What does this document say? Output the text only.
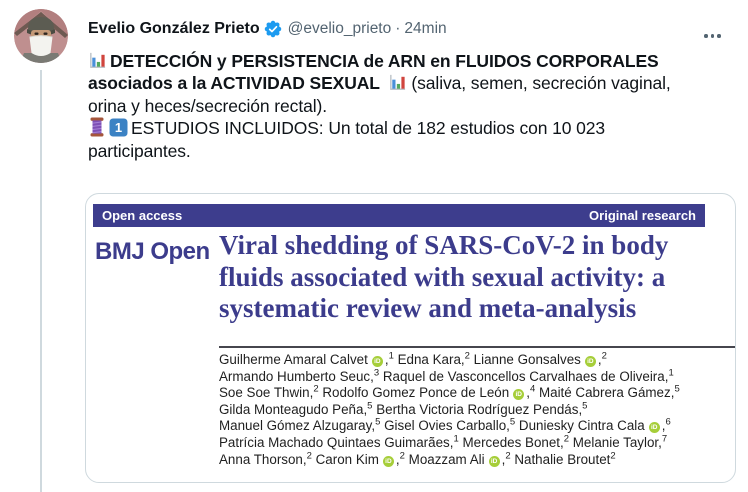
Evelio González Prieto @evelio_prieto · 24min
DETECCIÓN y PERSISTENCIA de ARN en FLUIDOS CORPORALES
asociados a la ACTIVIDAD SEXUAL
(saliva, semen, secreción vaginal,
orina y heces/secreción rectal).

1 ESTUDIOS INCLUIDOS: Un total de 182 estudios con 10 023
participantes.
Open access	Original research
BMJ Open Viral shedding of SARS-CoV-2 in body fluids associated with sexual activity: a systematic review and meta-analysis
Guilherme Amaral Calvet iD ,$^1$ Edna Kara,$^2$ Lianne Gonsalves iD ,$^2$
Armando Humberto Seuc,$^3$ Raquel de Vasconcellos Carvalhaes de Oliveira,$^1$
Soe Soe Thwin,$^2$ Rodolfo Gomez Ponce de León iD ,$^4$ Maité Cabrera Gámez,$^5$
Gilda Monteagudo Peña,$^5$ Bertha Victoria Rodríguez Pendás,$^5$
Manuel Gómez Alzugaray,$^5$ Gisel Ovies Carballo,$^5$ Duniesky Cintra Cala iD ,$^6$
Patrícia Machado Quintaes Guimarães,$^1$ Mercedes Bonet,$^2$ Melanie Taylor,$^7$
Anna Thorson,$^2$ Caron Kim iD ,$^2$ Moazzam Ali iD ,$^2$ Nathalie Broutet$^2$
